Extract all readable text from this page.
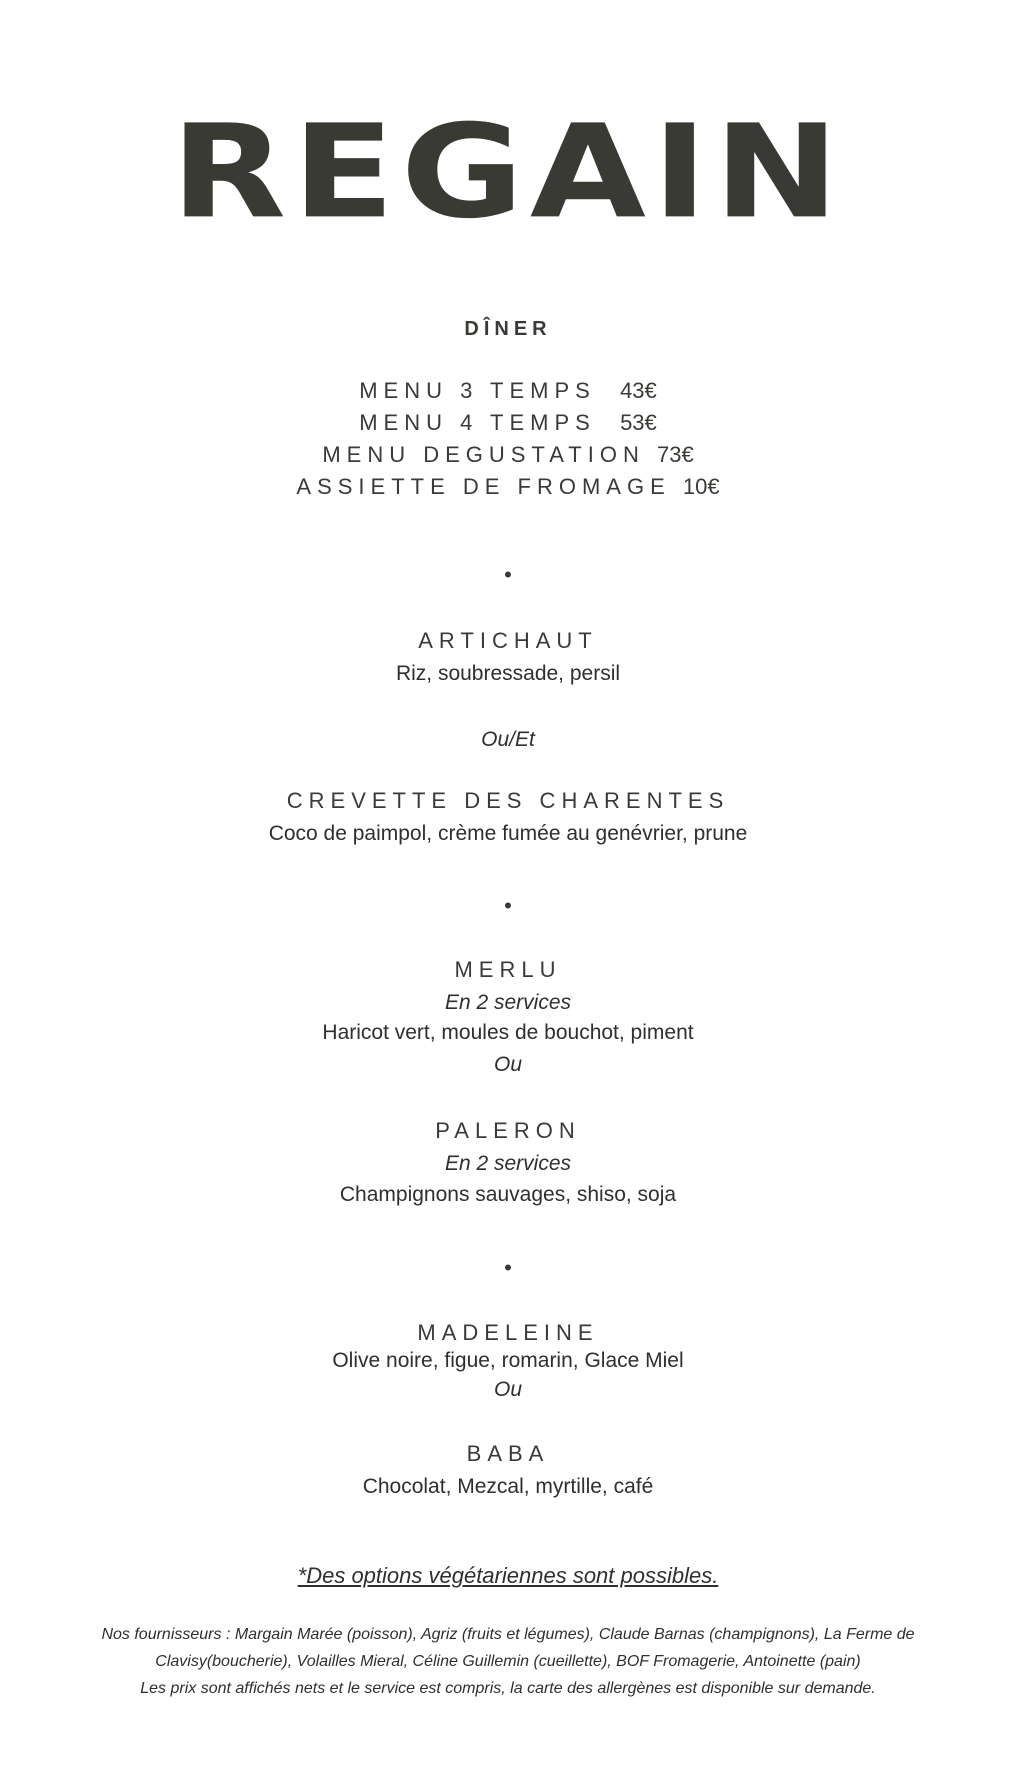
REGAIN
DÎNER
MENU 3 TEMPS 43€
MENU 4 TEMPS 53€
MENU DEGUSTATION 73€
ASSIETTE DE FROMAGE 10€
•
ARTICHAUT
Riz, soubressade, persil
Ou/Et
CREVETTE DES CHARENTES
Coco de paimpol, crème fumée au genévrier, prune
•
MERLU
En 2 services
Haricot vert, moules de bouchot, piment
Ou
PALERON
En 2 services
Champignons sauvages, shiso, soja
•
MADELEINE
Olive noire, figue, romarin, Glace Miel
Ou
BABA
Chocolat, Mezcal, myrtille, café
*Des options végétariennes sont possibles.
Nos fournisseurs : Margain Marée (poisson), Agriz (fruits et légumes), Claude Barnas (champignons), La Ferme de
Clavisy(boucherie), Volailles Mieral, Céline Guillemin (cueillette), BOF Fromagerie, Antoinette (pain)
Les prix sont affichés nets et le service est compris, la carte des allergènes est disponible sur demande.
